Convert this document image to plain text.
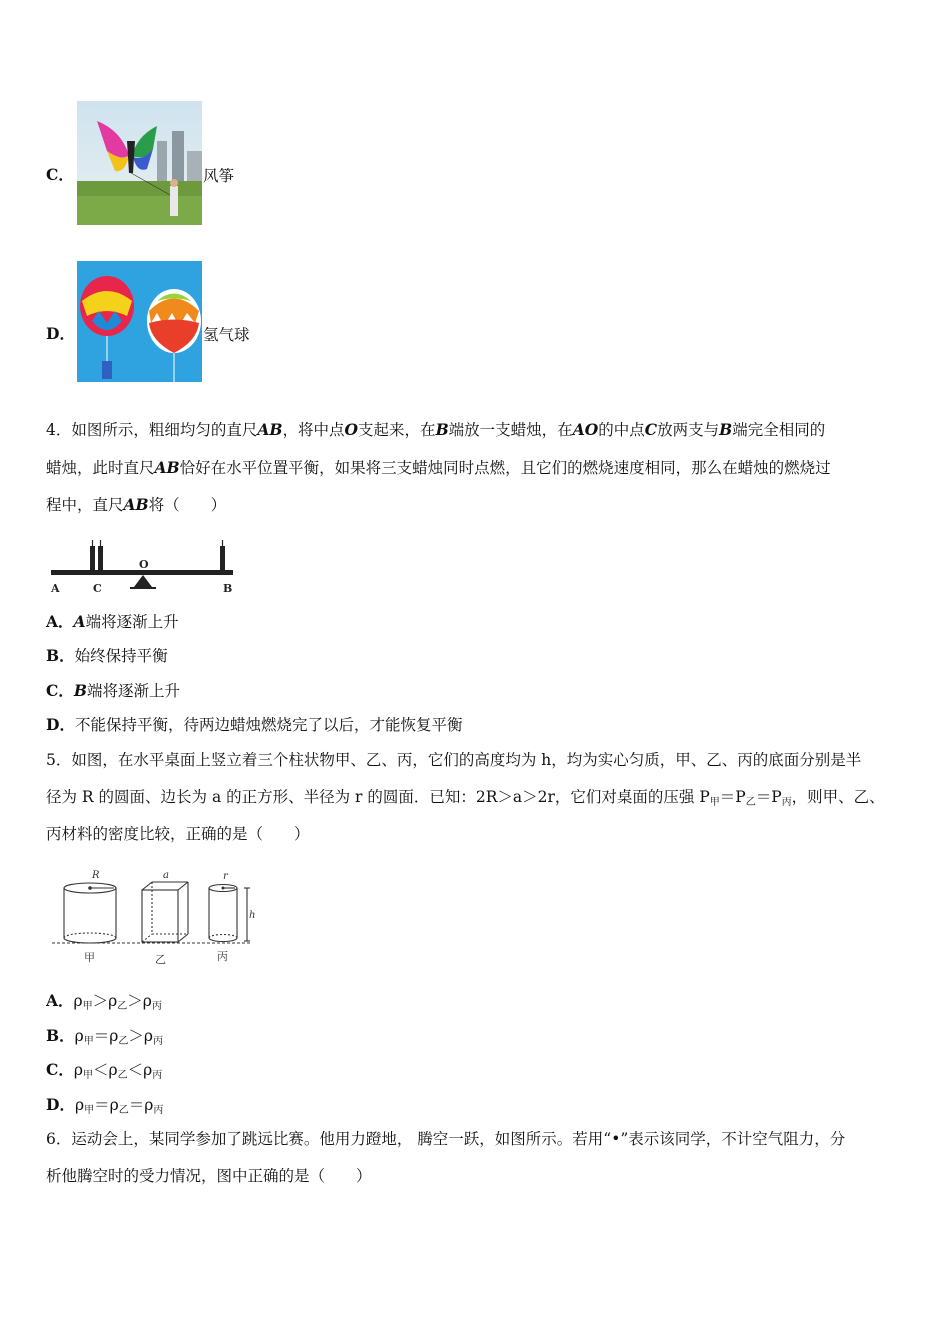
C．	风筝
D．	氢气球
4．如图所示，粗细均匀的直尺AB，将中点O支起来，在B端放一支蜡烛，在AO的中点C放两支与B端完全相同的
蜡烛，此时直尺AB恰好在水平位置平衡，如果将三支蜡烛同时点燃，且它们的燃烧速度相同，那么在蜡烛的燃烧过
程中，直尺AB将（　　）
A	C
O
B
A．A端将逐渐上升
B．始终保持平衡
C．B端将逐渐上升
D．不能保持平衡，待两边蜡烛燃烧完了以后，才能恢复平衡
5．如图，在水平桌面上竖立着三个柱状物甲、乙、丙，它们的高度均为 h，均为实心匀质，甲、乙、丙的底面分别是半
径为 R 的圆面、边长为 a 的正方形、半径为 r 的圆面．已知：2R＞a＞2r，它们对桌面的压强 P甲＝P乙＝P丙，则甲、乙、
丙材料的密度比较，正确的是（　　）
R	a	r
h
甲	乙	丙
A．ρ甲＞ρ乙＞ρ丙
B．ρ甲＝ρ乙＞ρ丙
C．ρ甲＜ρ乙＜ρ丙
D．ρ甲＝ρ乙＝ρ丙
6．运动会上，某同学参加了跳远比赛。他用力蹬地， 腾空一跃，如图所示。若用“•”表示该同学，不计空气阻力，分
析他腾空时的受力情况，图中正确的是（　　）
